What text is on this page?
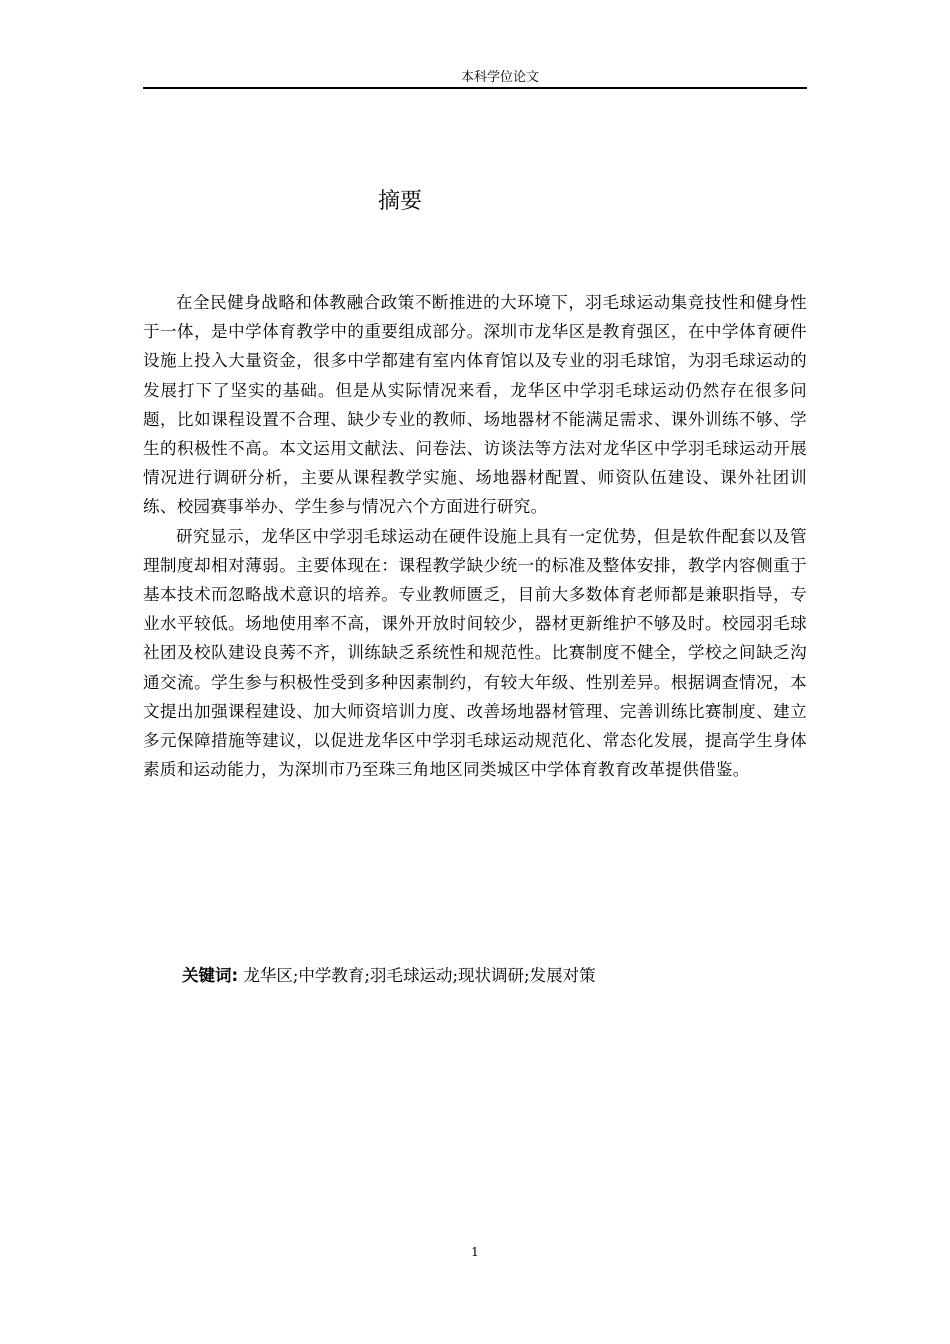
本科学位论文
摘要

在全民健身战略和体教融合政策不断推进的大环境下，羽毛球运动集竞技性和健身性于一体，是中学体育教学中的重要组成部分。深圳市龙华区是教育强区，在中学体育硬件设施上投入大量资金，很多中学都建有室内体育馆以及专业的羽毛球馆，为羽毛球运动的发展打下了坚实的基础。但是从实际情况来看，龙华区中学羽毛球运动仍然存在很多问题，比如课程设置不合理、缺少专业的教师、场地器材不能满足需求、课外训练不够、学生的积极性不高。本文运用文献法、问卷法、访谈法等方法对龙华区中学羽毛球运动开展情况进行调研分析，主要从课程教学实施、场地器材配置、师资队伍建设、课外社团训练、校园赛事举办、学生参与情况六个方面进行研究。

研究显示，龙华区中学羽毛球运动在硬件设施上具有一定优势，但是软件配套以及管理制度却相对薄弱。主要体现在：课程教学缺少统一的标准及整体安排，教学内容侧重于基本技术而忽略战术意识的培养。专业教师匮乏，目前大多数体育老师都是兼职指导，专业水平较低。场地使用率不高，课外开放时间较少，器材更新维护不够及时。校园羽毛球社团及校队建设良莠不齐，训练缺乏系统性和规范性。比赛制度不健全，学校之间缺乏沟通交流。学生参与积极性受到多种因素制约，有较大年级、性别差异。根据调查情况，本文提出加强课程建设、加大师资培训力度、改善场地器材管理、完善训练比赛制度、建立多元保障措施等建议，以促进龙华区中学羽毛球运动规范化、常态化发展，提高学生身体素质和运动能力，为深圳市乃至珠三角地区同类城区中学体育教育改革提供借鉴。

关键词: 龙华区;中学教育;羽毛球运动;现状调研;发展对策
1
